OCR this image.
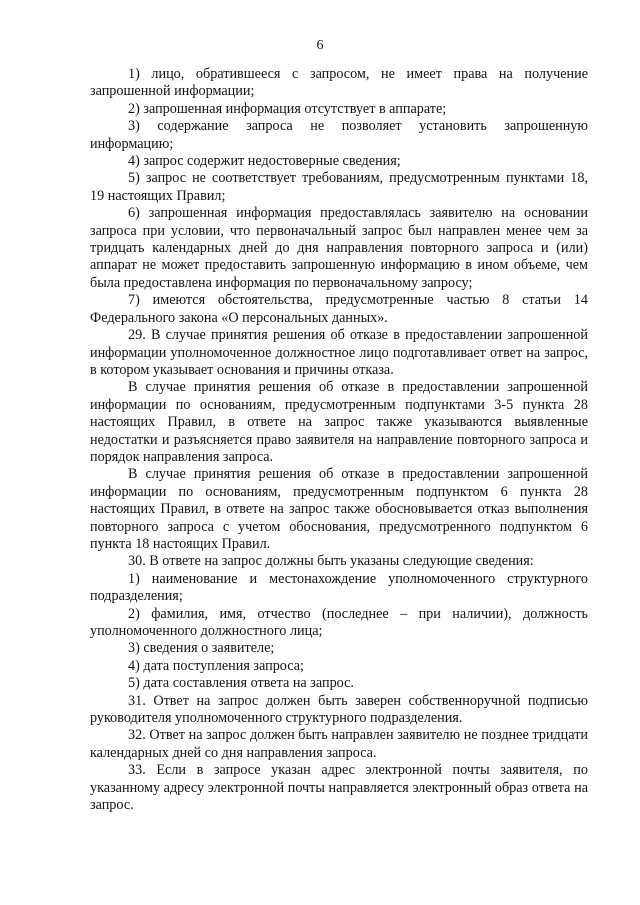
6

1) лицо, обратившееся с запросом, не имеет права на получение запрошенной информации;

2) запрошенная информация отсутствует в аппарате;

3) содержание запроса не позволяет установить запрошенную информацию;

4) запрос содержит недостоверные сведения;

5) запрос не соответствует требованиям, предусмотренным пунктами 18, 19 настоящих Правил;

6) запрошенная информация предоставлялась заявителю на основании запроса при условии, что первоначальный запрос был направлен менее чем за тридцать календарных дней до дня направления повторного запроса и (или) аппарат не может предоставить запрошенную информацию в ином объеме, чем была предоставлена информация по первоначальному запросу;

7) имеются обстоятельства, предусмотренные частью 8 статьи 14 Федерального закона «О персональных данных».

29. В случае принятия решения об отказе в предоставлении запрошенной информации уполномоченное должностное лицо подготавливает ответ на запрос, в котором указывает основания и причины отказа.

В случае принятия решения об отказе в предоставлении запрошенной информации по основаниям, предусмотренным подпунктами 3-5 пункта 28 настоящих Правил, в ответе на запрос также указываются выявленные недостатки и разъясняется право заявителя на направление повторного запроса и порядок направления запроса.

В случае принятия решения об отказе в предоставлении запрошенной информации по основаниям, предусмотренным подпунктом 6 пункта 28 настоящих Правил, в ответе на запрос также обосновывается отказ выполнения повторного запроса с учетом обоснования, предусмотренного подпунктом 6 пункта 18 настоящих Правил.

30. В ответе на запрос должны быть указаны следующие сведения:

1) наименование и местонахождение уполномоченного структурного подразделения;

2) фамилия, имя, отчество (последнее – при наличии), должность уполномоченного должностного лица;

3) сведения о заявителе;

4) дата поступления запроса;

5) дата составления ответа на запрос.

31. Ответ на запрос должен быть заверен собственноручной подписью руководителя уполномоченного структурного подразделения.

32. Ответ на запрос должен быть направлен заявителю не позднее тридцати календарных дней со дня направления запроса.

33. Если в запросе указан адрес электронной почты заявителя, по указанному адресу электронной почты направляется электронный образ ответа на запрос.
